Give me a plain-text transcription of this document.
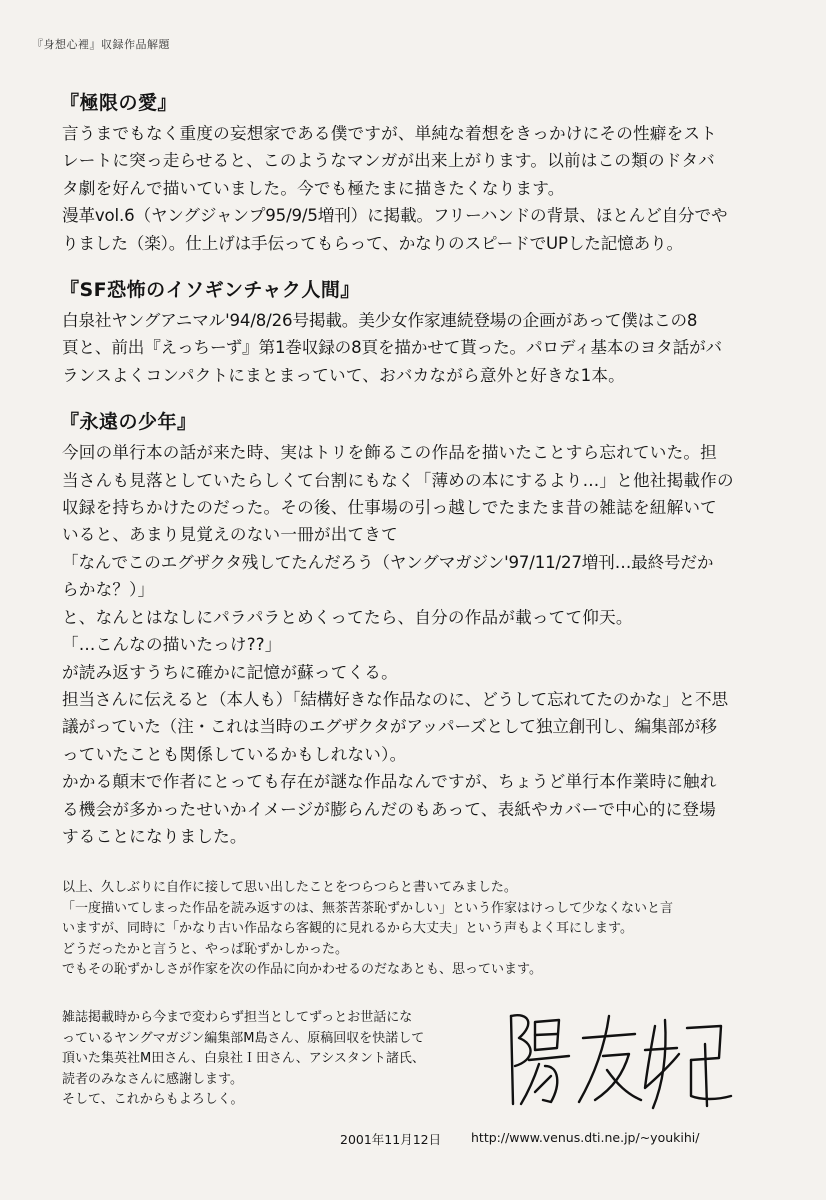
『身想心裡』収録作品解題
『極限の愛』

言うまでもなく重度の妄想家である僕ですが、単純な着想をきっかけにその性癖をスト

レートに突っ走らせると、このようなマンガが出来上がります。以前はこの類のドタバ

タ劇を好んで描いていました。今でも極たまに描きたくなります。

漫革vol.6（ヤングジャンプ95/9/5増刊）に掲載。フリーハンドの背景、ほとんど自分でや

りました（楽）。仕上げは手伝ってもらって、かなりのスピードでUPした記憶あり。

『SF恐怖のイソギンチャク人間』

白泉社ヤングアニマル'94/8/26号掲載。美少女作家連続登場の企画があって僕はこの8

頁と、前出『えっちーず』第1巻収録の8頁を描かせて貰った。パロディ基本のヨタ話がバ

ランスよくコンパクトにまとまっていて、おバカながら意外と好きな1本。

『永遠の少年』

今回の単行本の話が来た時、実はトリを飾るこの作品を描いたことすら忘れていた。担

当さんも見落としていたらしくて台割にもなく「薄めの本にするより…」と他社掲載作の

収録を持ちかけたのだった。その後、仕事場の引っ越しでたまたま昔の雑誌を紐解いて

いると、あまり見覚えのない一冊が出てきて

「なんでこのエグザクタ残してたんだろう（ヤングマガジン'97/11/27増刊…最終号だか

らかな？）」

と、なんとはなしにパラパラとめくってたら、自分の作品が載ってて仰天。

「…こんなの描いたっけ??」

が読み返すうちに確かに記憶が蘇ってくる。

担当さんに伝えると（本人も）「結構好きな作品なのに、どうして忘れてたのかな」と不思

議がっていた（注・これは当時のエグザクタがアッパーズとして独立創刊し、編集部が移

っていたことも関係しているかもしれない）。

かかる顛末で作者にとっても存在が謎な作品なんですが、ちょうど単行本作業時に触れ

る機会が多かったせいかイメージが膨らんだのもあって、表紙やカバーで中心的に登場

することになりました。

以上、久しぶりに自作に接して思い出したことをつらつらと書いてみました。

「一度描いてしまった作品を読み返すのは、無茶苦茶恥ずかしい」という作家はけっして少なくないと言

いますが、同時に「かなり古い作品なら客観的に見れるから大丈夫」という声もよく耳にします。

どうだったかと言うと、やっぱ恥ずかしかった。

でもその恥ずかしさが作家を次の作品に向かわせるのだなあとも、思っています。

雑誌掲載時から今まで変わらず担当としてずっとお世話にな

っているヤングマガジン編集部M島さん、原稿回収を快諾して

頂いた集英社M田さん、白泉社Ｉ田さん、アシスタント諸氏、

読者のみなさんに感謝します。

そして、これからもよろしく。

2001年11月12日 http://www.venus.dti.ne.jp/~youkihi/
